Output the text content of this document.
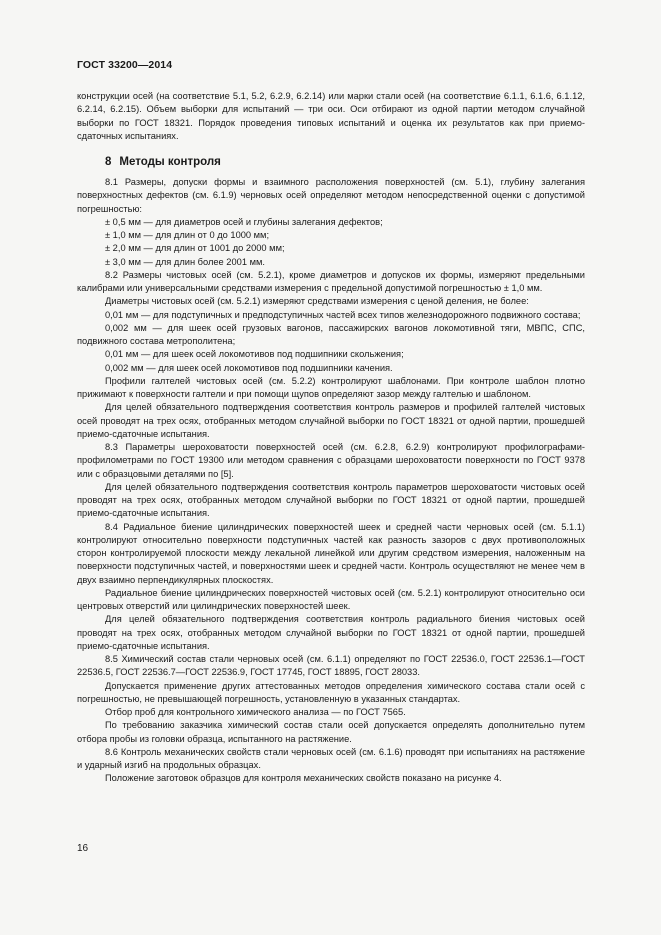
ГОСТ 33200—2014

конструкции осей (на соответствие 5.1, 5.2, 6.2.9, 6.2.14) или марки стали осей (на соответствие 6.1.1, 6.1.6, 6.1.12, 6.2.14, 6.2.15). Объем выборки для испытаний — три оси. Оси отбирают из одной партии методом случайной выборки по ГОСТ 18321. Порядок проведения типовых испытаний и оценка их результатов как при приемо-сдаточных испытаниях.

8 Методы контроля

8.1 Размеры, допуски формы и взаимного расположения поверхностей (см. 5.1), глубину залегания поверхностных дефектов (см. 6.1.9) черновых осей определяют методом непосредственной оценки с допустимой погрешностью:

± 0,5 мм — для диаметров осей и глубины залегания дефектов;

± 1,0 мм — для длин от 0 до 1000 мм;

± 2,0 мм — для длин от 1001 до 2000 мм;

± 3,0 мм — для длин более 2001 мм.

8.2 Размеры чистовых осей (см. 5.2.1), кроме диаметров и допусков их формы, измеряют предельными калибрами или универсальными средствами измерения с предельной допустимой погрешностью ± 1,0 мм.

Диаметры чистовых осей (см. 5.2.1) измеряют средствами измерения с ценой деления, не более:

0,01 мм — для подступичных и предподступичных частей всех типов железнодорожного подвижного состава;

0,002 мм — для шеек осей грузовых вагонов, пассажирских вагонов локомотивной тяги, МВПС, СПС, подвижного состава метрополитена;

0,01 мм — для шеек осей локомотивов под подшипники скольжения;

0,002 мм — для шеек осей локомотивов под подшипники качения.

Профили галтелей чистовых осей (см. 5.2.2) контролируют шаблонами. При контроле шаблон плотно прижимают к поверхности галтели и при помощи щупов определяют зазор между галтелью и шаблоном.

Для целей обязательного подтверждения соответствия контроль размеров и профилей галтелей чистовых осей проводят на трех осях, отобранных методом случайной выборки по ГОСТ 18321 от одной партии, прошедшей приемо-сдаточные испытания.

8.3 Параметры шероховатости поверхностей осей (см. 6.2.8, 6.2.9) контролируют профилографами-профилометрами по ГОСТ 19300 или методом сравнения с образцами шероховатости поверхности по ГОСТ 9378 или с образцовыми деталями по [5].

Для целей обязательного подтверждения соответствия контроль параметров шероховатости чистовых осей проводят на трех осях, отобранных методом случайной выборки по ГОСТ 18321 от одной партии, прошедшей приемо-сдаточные испытания.

8.4 Радиальное биение цилиндрических поверхностей шеек и средней части черновых осей (см. 5.1.1) контролируют относительно поверхности подступичных частей как разность зазоров с двух противоположных сторон контролируемой плоскости между лекальной линейкой или другим средством измерения, наложенным на поверхности подступичных частей, и поверхностями шеек и средней части. Контроль осуществляют не менее чем в двух взаимно перпендикулярных плоскостях.

Радиальное биение цилиндрических поверхностей чистовых осей (см. 5.2.1) контролируют относительно оси центровых отверстий или цилиндрических поверхностей шеек.

Для целей обязательного подтверждения соответствия контроль радиального биения чистовых осей проводят на трех осях, отобранных методом случайной выборки по ГОСТ 18321 от одной партии, прошедшей приемо-сдаточные испытания.

8.5 Химический состав стали черновых осей (см. 6.1.1) определяют по ГОСТ 22536.0, ГОСТ 22536.1—ГОСТ 22536.5, ГОСТ 22536.7—ГОСТ 22536.9, ГОСТ 17745, ГОСТ 18895, ГОСТ 28033.

Допускается применение других аттестованных методов определения химического состава стали осей с погрешностью, не превышающей погрешность, установленную в указанных стандартах.

Отбор проб для контрольного химического анализа — по ГОСТ 7565.

По требованию заказчика химический состав стали осей допускается определять дополнительно путем отбора пробы из головки образца, испытанного на растяжение.

8.6 Контроль механических свойств стали черновых осей (см. 6.1.6) проводят при испытаниях на растяжение и ударный изгиб на продольных образцах.

Положение заготовок образцов для контроля механических свойств показано на рисунке 4.

16
